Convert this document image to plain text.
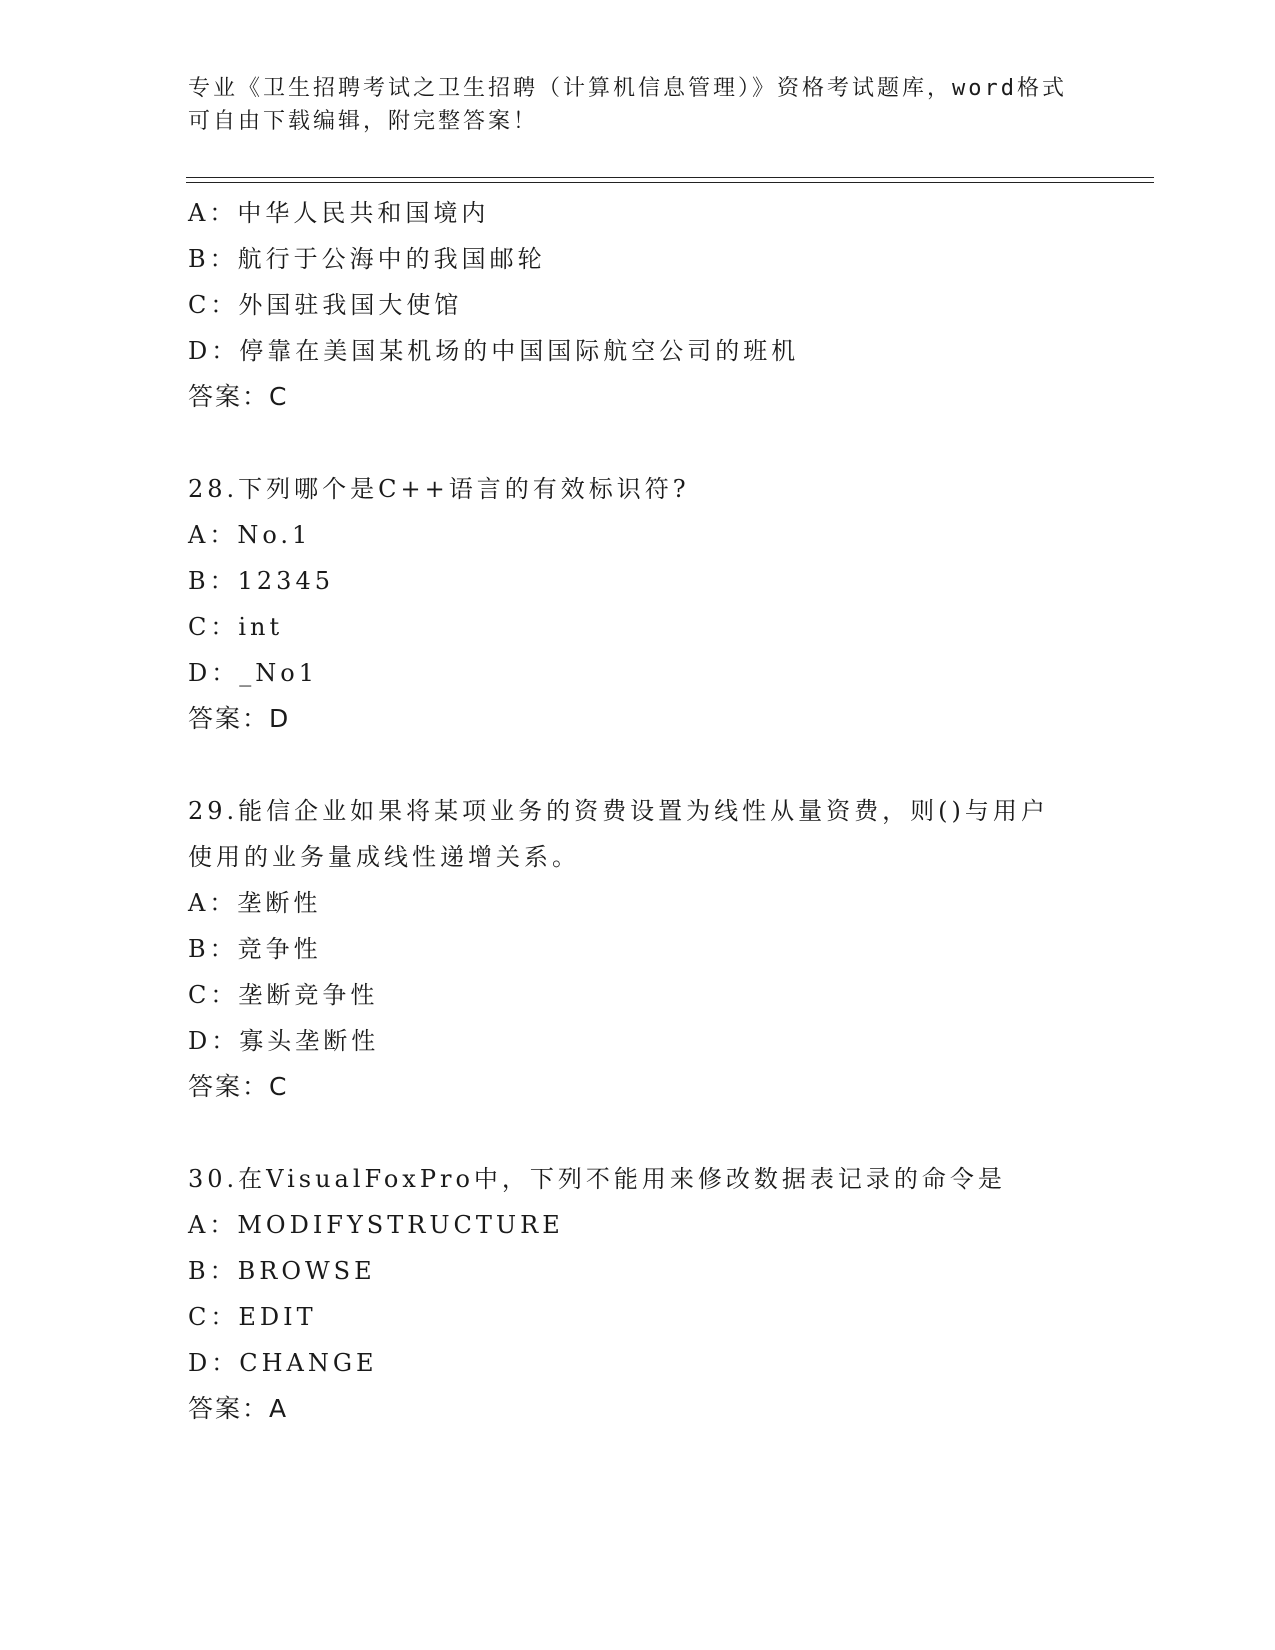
专业《卫生招聘考试之卫生招聘（计算机信息管理）》资格考试题库，word格式
可自由下载编辑，附完整答案！
A：中华人民共和国境内
B：航行于公海中的我国邮轮
C：外国驻我国大使馆
D：停靠在美国某机场的中国国际航空公司的班机
答案：C
28.下列哪个是C++语言的有效标识符?
A：No.1
B：12345
C：int
D：_No1
答案：D
29.能信企业如果将某项业务的资费设置为线性从量资费，则()与用户
使用的业务量成线性递增关系。
A：垄断性
B：竞争性
C：垄断竞争性
D：寡头垄断性
答案：C
30.在VisualFoxPro中，下列不能用来修改数据表记录的命令是
A：MODIFYSTRUCTURE
B：BROWSE
C：EDIT
D：CHANGE
答案：A
